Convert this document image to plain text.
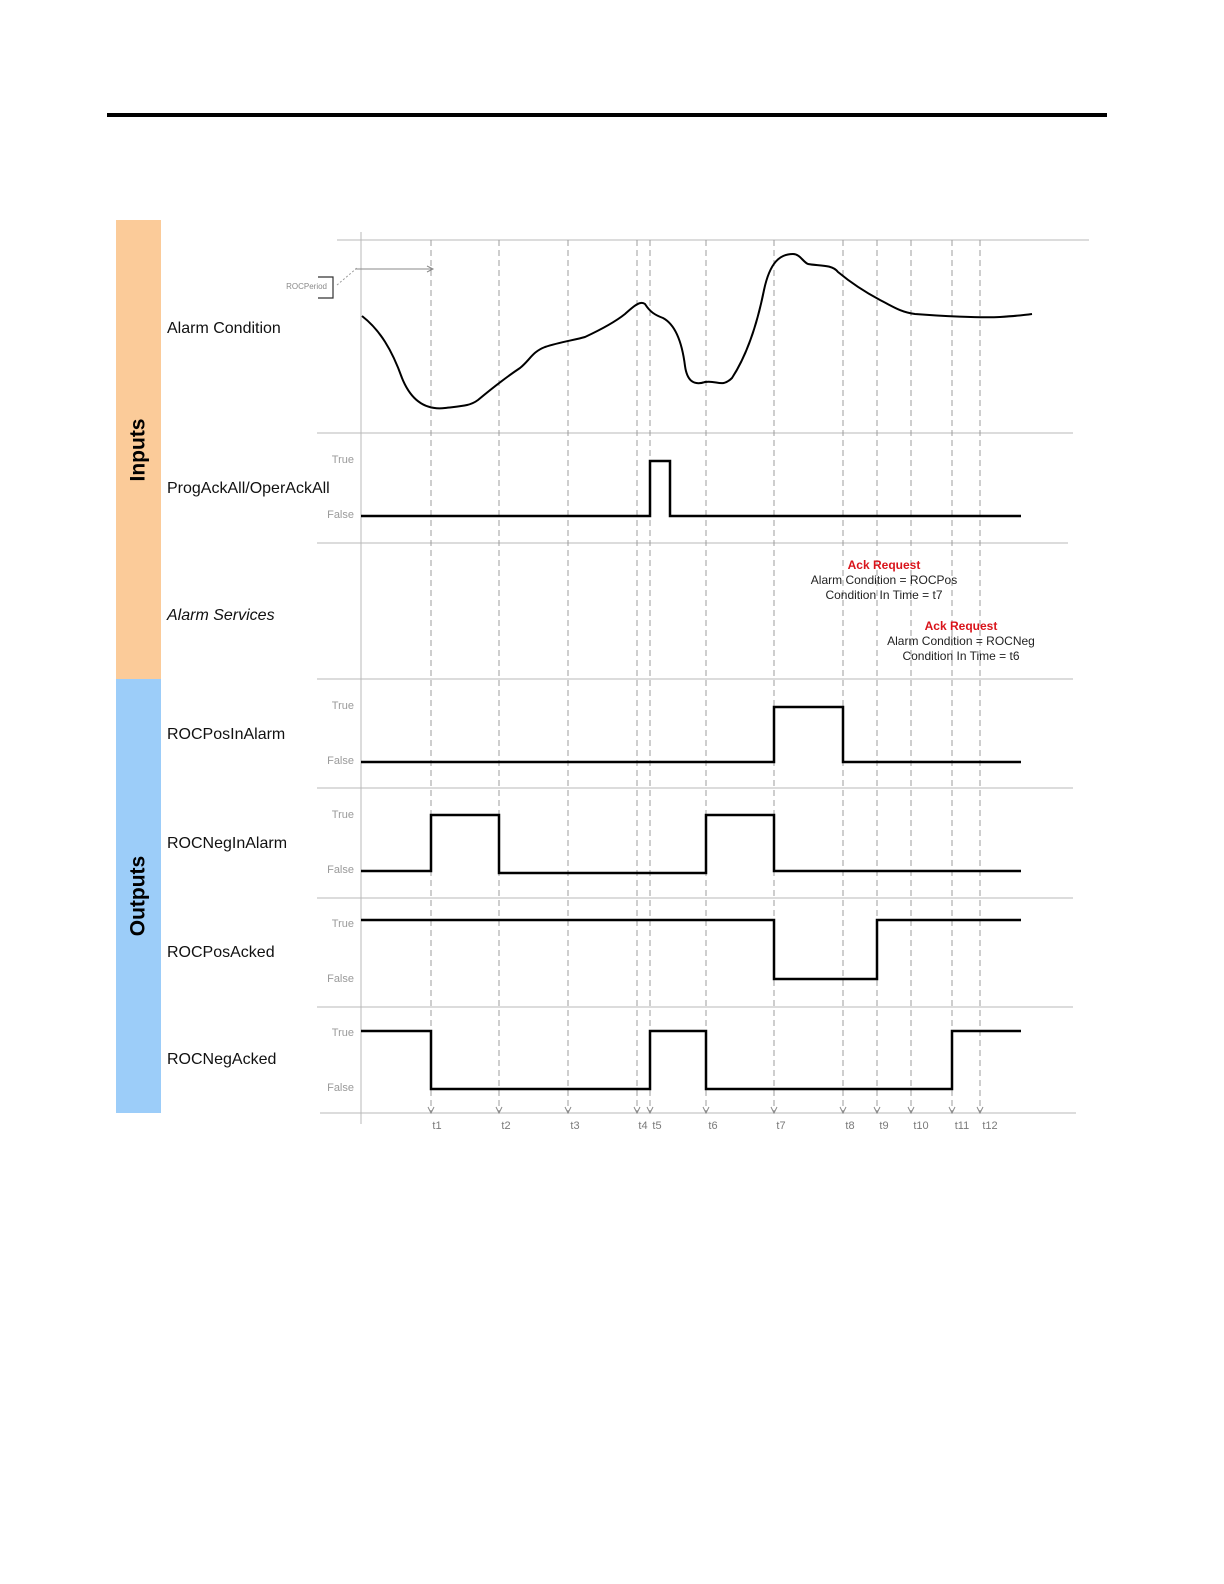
Inputs
Outputs
t1	t2	t3	t4 t5	t6	t7	t8 t9 t10 t11 t12
ROCPeriod
Alarm Condition
ProgAckAll/OperAckAll
Alarm Services
ROCPosInAlarm
ROCNegInAlarm
ROCPosAcked
ROCNegAcked
True
False
True
False
True
False
True
False
True
False
Ack Request
Alarm Condition = ROCPos
Condition In Time = t7
Ack Request
Alarm Condition = ROCNeg
Condition In Time = t6
